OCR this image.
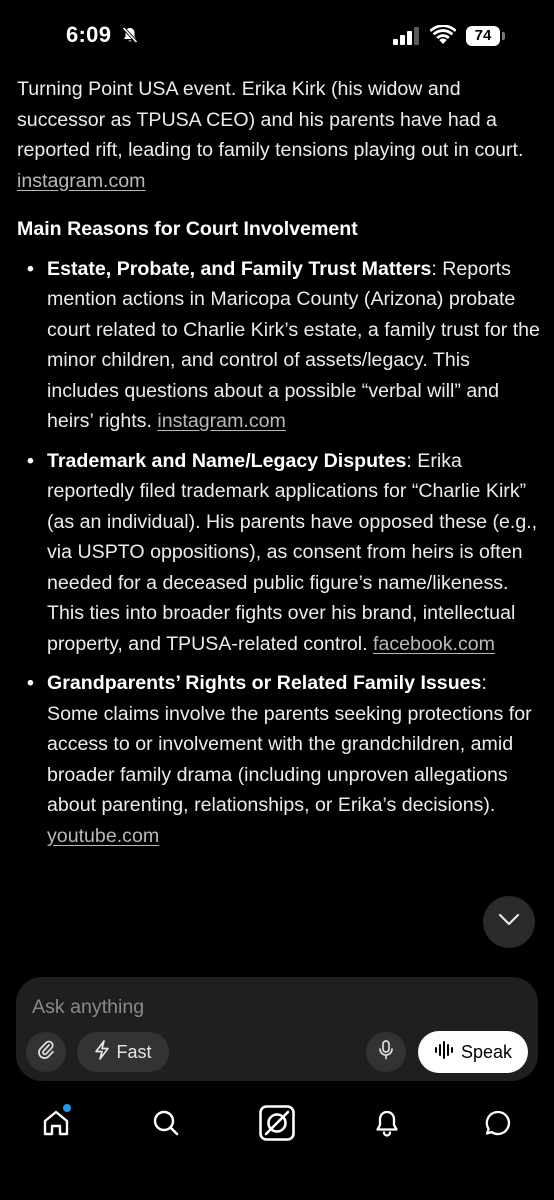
6:09	74

Turning Point USA event. Erika Kirk (his widow and successor as TPUSA CEO) and his parents have had a reported rift, leading to family tensions playing out in court. instagram.com

Main Reasons for Court Involvement
• Estate, Probate, and Family Trust Matters: Reports mention actions in Maricopa County (Arizona) probate court related to Charlie Kirk’s estate, a family trust for the minor children, and control of assets/legacy. This includes questions about a possible “verbal will” and heirs’ rights. instagram.com
• Trademark and Name/Legacy Disputes: Erika reportedly filed trademark applications for “Charlie Kirk” (as an individual). His parents have opposed these (e.g., via USPTO oppositions), as consent from heirs is often needed for a deceased public figure’s name/likeness. This ties into broader fights over his brand, intellectual property, and TPUSA-related control. facebook.com
• Grandparents’ Rights or Related Family Issues: Some claims involve the parents seeking protections for access to or involvement with the grandchildren, amid broader family drama (including unproven allegations about parenting, relationships, or Erika’s decisions). youtube.com
Ask anything
Fast	Speak
